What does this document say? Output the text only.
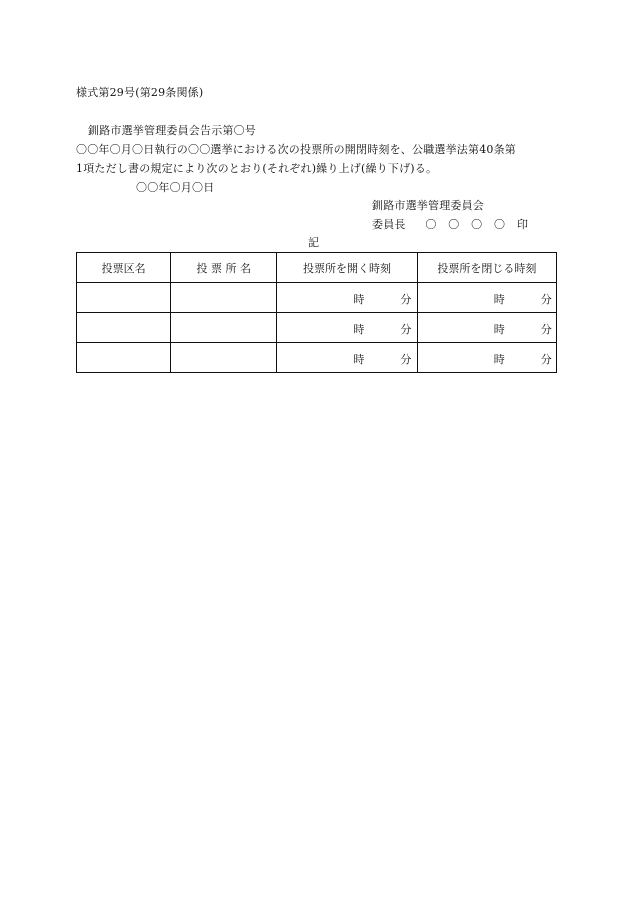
様式第29号(第29条関係)
釧路市選挙管理委員会告示第〇号
〇〇年〇月〇日執行の〇〇選挙における次の投票所の開閉時刻を、公職選挙法第40条第
1項ただし書の規定により次のとおり(それぞれ)繰り上げ(繰り下げ)る。
〇〇年〇月〇日
釧路市選挙管理委員会
委員長 〇 〇 〇 〇 印
記
投票区名	投 票 所 名	投票所を開く時刻	投票所を閉じる時刻

		時 分	時 分

		時 分	時 分

		時 分	時 分
